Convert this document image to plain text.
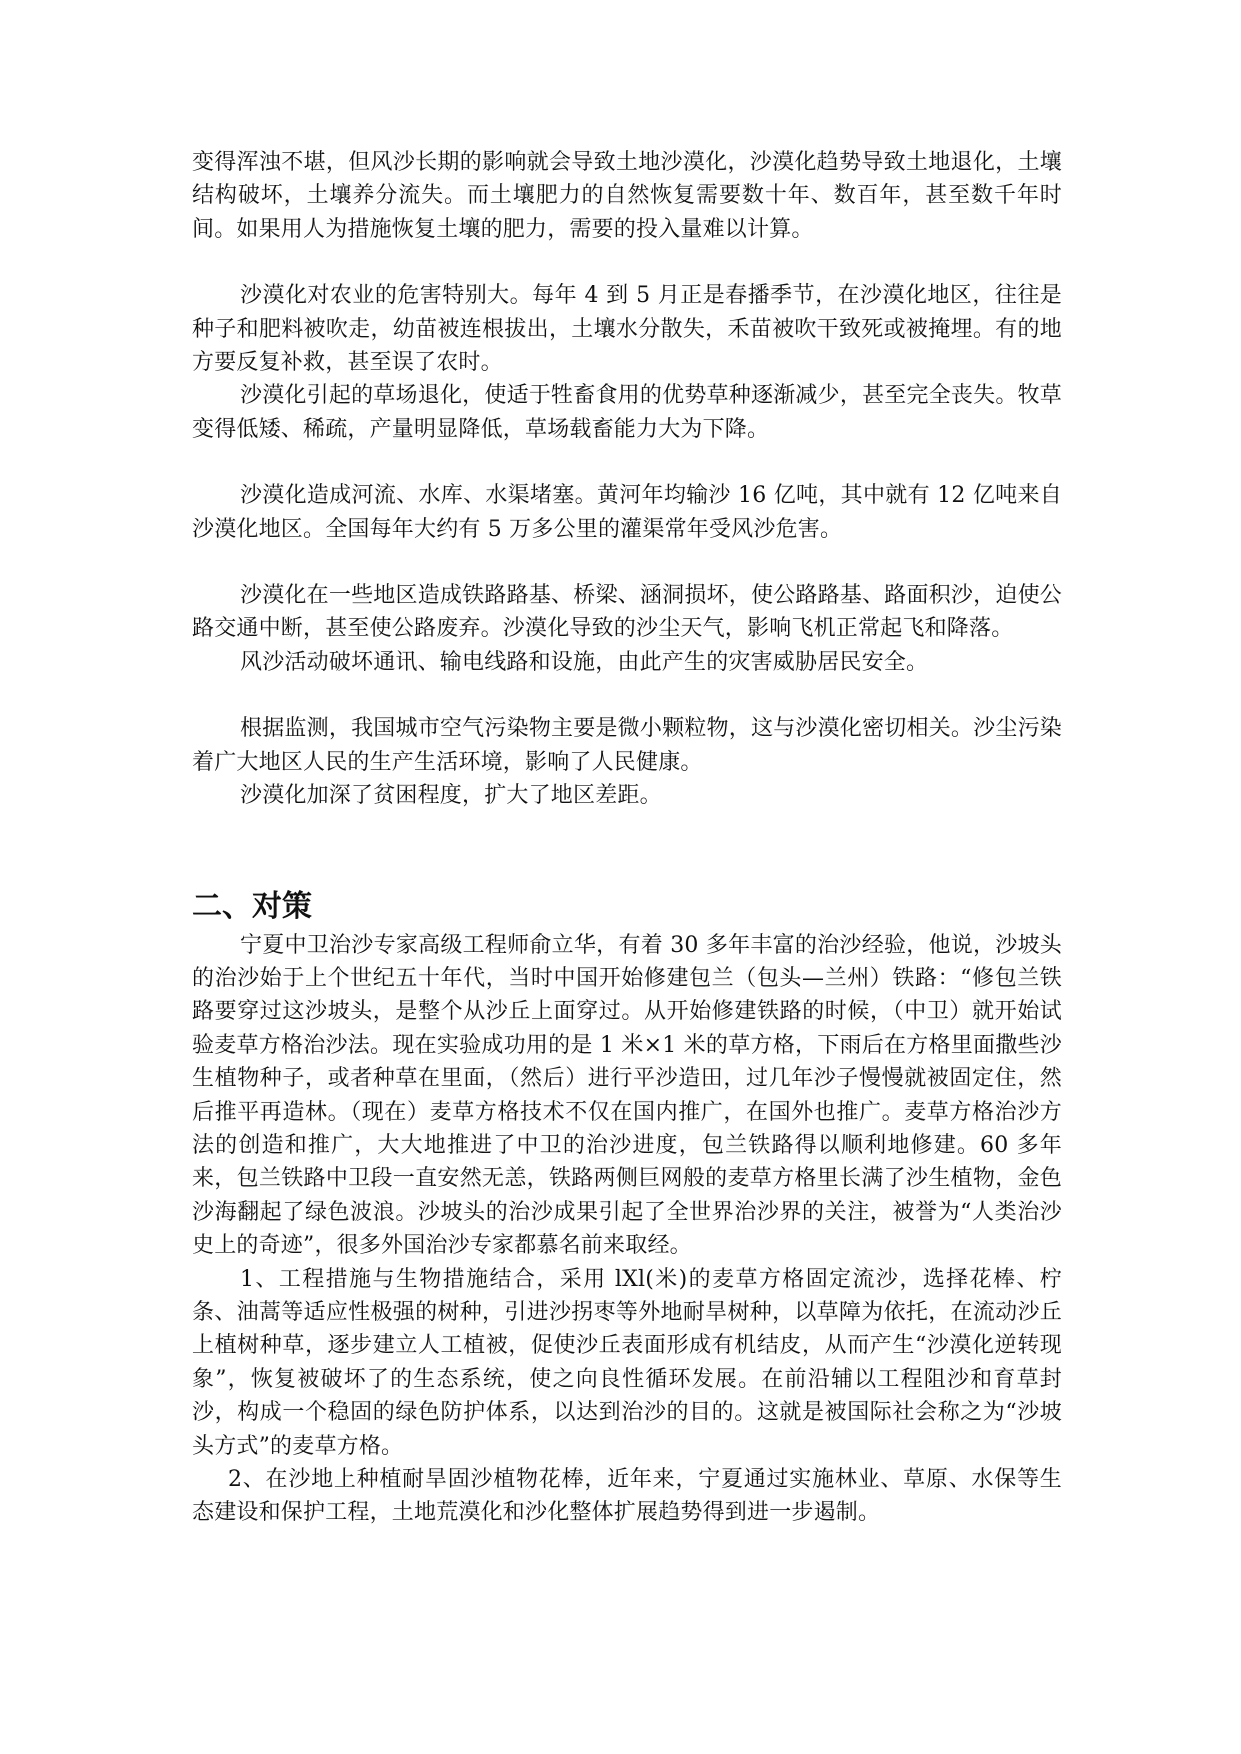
变得浑浊不堪，但风沙长期的影响就会导致土地沙漠化，沙漠化趋势导致土地退化，土壤结构破坏，土壤养分流失。而土壤肥力的自然恢复需要数十年、数百年，甚至数千年时间。如果用人为措施恢复土壤的肥力，需要的投入量难以计算。

沙漠化对农业的危害特别大。每年 4 到 5 月正是春播季节，在沙漠化地区，往往是种子和肥料被吹走，幼苗被连根拔出，土壤水分散失，禾苗被吹干致死或被掩埋。有的地方要反复补救，甚至误了农时。

沙漠化引起的草场退化，使适于牲畜食用的优势草种逐渐减少，甚至完全丧失。牧草变得低矮、稀疏，产量明显降低，草场载畜能力大为下降。

沙漠化造成河流、水库、水渠堵塞。黄河年均输沙 16 亿吨，其中就有 12 亿吨来自沙漠化地区。全国每年大约有 5 万多公里的灌渠常年受风沙危害。

沙漠化在一些地区造成铁路路基、桥梁、涵洞损坏，使公路路基、路面积沙，迫使公路交通中断，甚至使公路废弃。沙漠化导致的沙尘天气，影响飞机正常起飞和降落。

风沙活动破坏通讯、输电线路和设施，由此产生的灾害威胁居民安全。

根据监测，我国城市空气污染物主要是微小颗粒物，这与沙漠化密切相关。沙尘污染着广大地区人民的生产生活环境，影响了人民健康。

沙漠化加深了贫困程度，扩大了地区差距。

二、对策

宁夏中卫治沙专家高级工程师俞立华，有着 30 多年丰富的治沙经验，他说，沙坡头的治沙始于上个世纪五十年代，当时中国开始修建包兰（包头—兰州）铁路：“修包兰铁路要穿过这沙坡头，是整个从沙丘上面穿过。从开始修建铁路的时候，（中卫）就开始试验麦草方格治沙法。现在实验成功用的是 1 米×1 米的草方格，下雨后在方格里面撒些沙生植物种子，或者种草在里面，（然后）进行平沙造田，过几年沙子慢慢就被固定住，然后推平再造林。（现在）麦草方格技术不仅在国内推广，在国外也推广。麦草方格治沙方法的创造和推广，大大地推进了中卫的治沙进度，包兰铁路得以顺利地修建。60 多年来，包兰铁路中卫段一直安然无恙，铁路两侧巨网般的麦草方格里长满了沙生植物，金色沙海翻起了绿色波浪。沙坡头的治沙成果引起了全世界治沙界的关注，被誉为“人类治沙史上的奇迹”，很多外国治沙专家都慕名前来取经。

1、工程措施与生物措施结合，采用 lXl(米)的麦草方格固定流沙，选择花棒、柠条、油蒿等适应性极强的树种，引进沙拐枣等外地耐旱树种，以草障为依托，在流动沙丘上植树种草，逐步建立人工植被，促使沙丘表面形成有机结皮，从而产生“沙漠化逆转现象”，恢复被破坏了的生态系统，使之向良性循环发展。在前沿辅以工程阻沙和育草封沙，构成一个稳固的绿色防护体系，以达到治沙的目的。这就是被国际社会称之为“沙坡头方式”的麦草方格。

2、在沙地上种植耐旱固沙植物花棒，近年来，宁夏通过实施林业、草原、水保等生态建设和保护工程，土地荒漠化和沙化整体扩展趋势得到进一步遏制。
